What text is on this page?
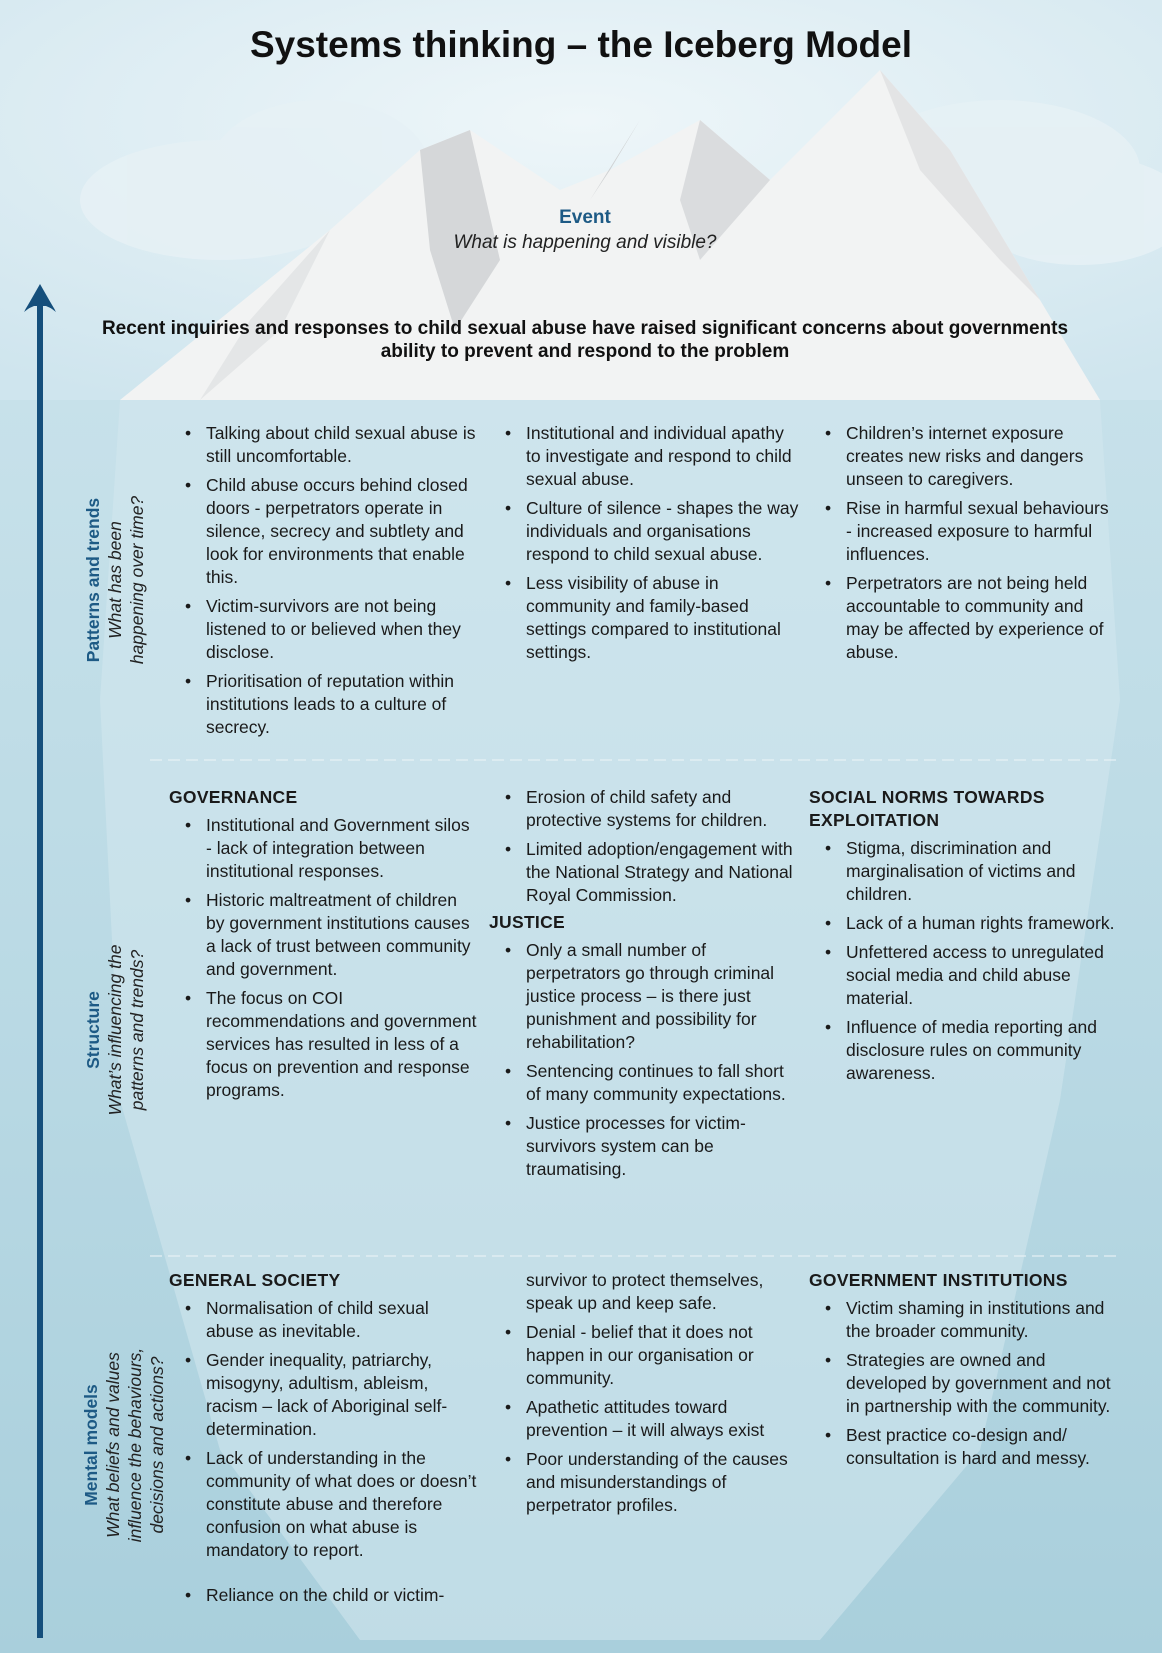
Systems thinking – the Iceberg Model
Event
What is happening and visible?
Recent inquiries and responses to child sexual abuse have raised significant concerns about governments ability to prevent and respond to the problem
Patterns and trends What has been happening over time?
Structure What’s influencing the patterns and trends?
Mental models What beliefs and values influence the behaviours, decisions and actions?
• Talking about child sexual abuse is still uncomfortable.
• Child abuse occurs behind closed doors - perpetrators operate in silence, secrecy and subtlety and look for environments that enable this.
• Victim-survivors are not being listened to or believed when they disclose.
• Prioritisation of reputation within institutions leads to a culture of secrecy.
• Institutional and individual apathy to investigate and respond to child sexual abuse.
• Culture of silence - shapes the way individuals and organisations respond to child sexual abuse.
• Less visibility of abuse in community and family-based settings compared to institutional settings.
• Children’s internet exposure creates new risks and dangers unseen to caregivers.
• Rise in harmful sexual behaviours - increased exposure to harmful influences.
• Perpetrators are not being held accountable to community and may be affected by experience of abuse.
GOVERNANCE
• Institutional and Government silos - lack of integration between institutional responses.
• Historic maltreatment of children by government institutions causes a lack of trust between community and government.
• The focus on COI recommendations and government services has resulted in less of a focus on prevention and response programs.
• Erosion of child safety and protective systems for children.
• Limited adoption/engagement with the National Strategy and National Royal Commission.
JUSTICE
• Only a small number of perpetrators go through criminal justice process – is there just punishment and possibility for rehabilitation?
• Sentencing continues to fall short of many community expectations.
• Justice processes for victim-survivors system can be traumatising.
SOCIAL NORMS TOWARDS EXPLOITATION
• Stigma, discrimination and marginalisation of victims and children.
• Lack of a human rights framework.
• Unfettered access to unregulated social media and child abuse material.
• Influence of media reporting and disclosure rules on community awareness.
GENERAL SOCIETY
• Normalisation of child sexual abuse as inevitable.
• Gender inequality, patriarchy, misogyny, adultism, ableism, racism – lack of Aboriginal self-determination.
• Lack of understanding in the community of what does or doesn’t constitute abuse and therefore confusion on what abuse is mandatory to report.
• Reliance on the child or victim-
survivor to protect themselves, speak up and keep safe.
• Denial - belief that it does not happen in our organisation or community.
• Apathetic attitudes toward prevention – it will always exist
• Poor understanding of the causes and misunderstandings of perpetrator profiles.
GOVERNMENT INSTITUTIONS
• Victim shaming in institutions and the broader community.
• Strategies are owned and developed by government and not in partnership with the community.
• Best practice co-design and/ consultation is hard and messy.
